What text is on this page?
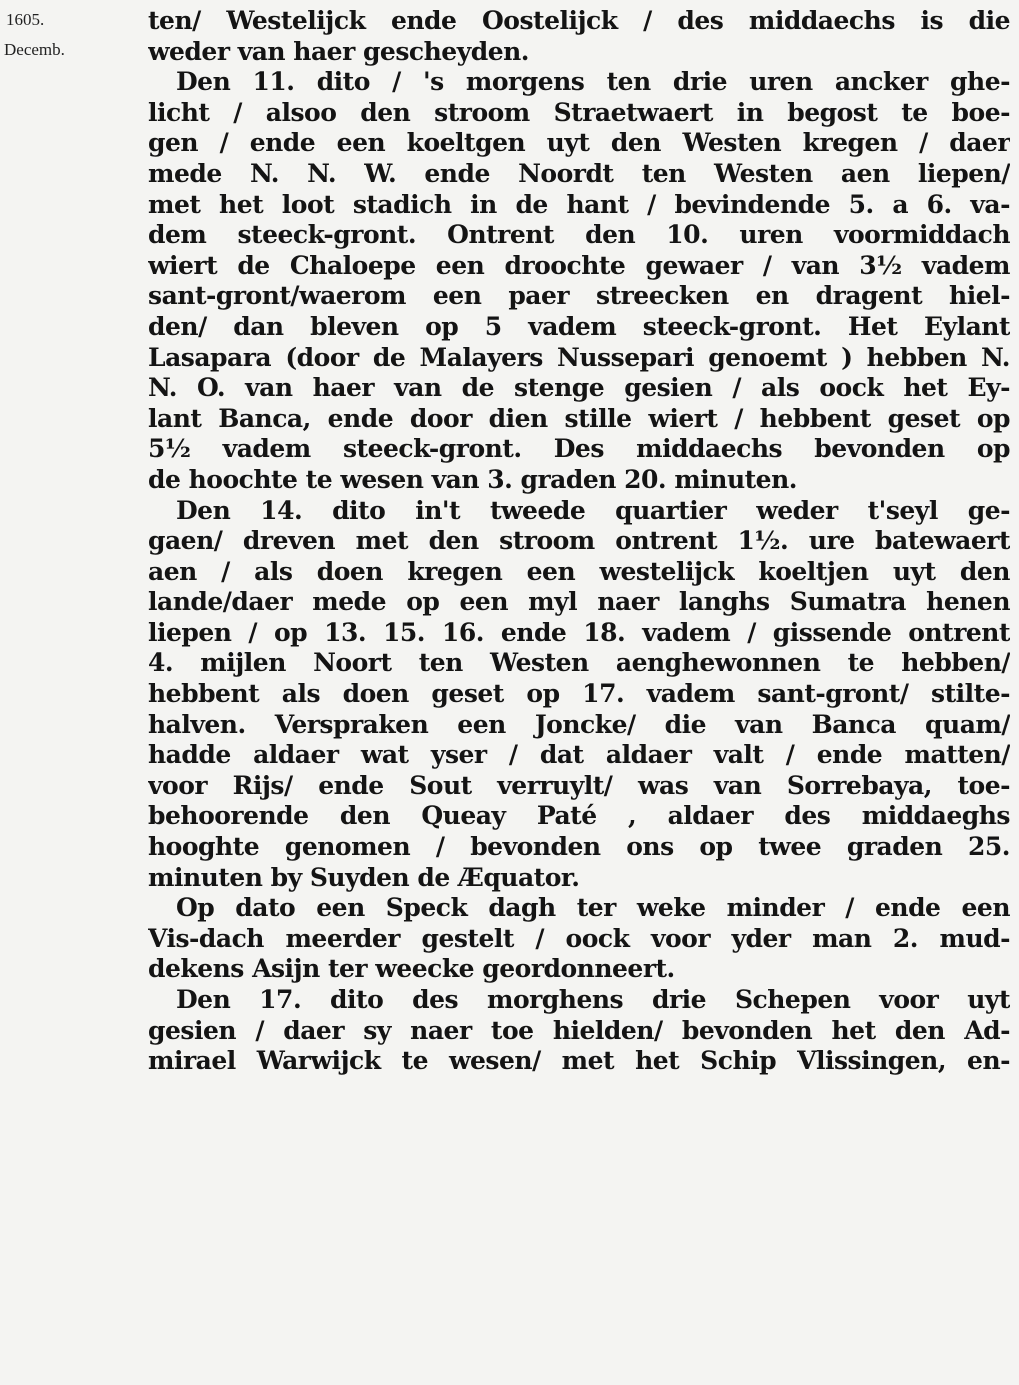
1605.
Decemb.
ten/ Westelijck ende Oostelijck / des middaechs is die
weder van haer gescheyden.
Den 11. dito / 's morgens ten drie uren ancker ghe-
licht / alsoo den stroom Straetwaert in begost te boe-
gen / ende een koeltgen uyt den Westen kregen / daer
mede N. N. W. ende Noordt ten Westen aen liepen/
met het loot stadich in de hant / bevindende 5. a 6. va-
dem steeck-gront. Ontrent den 10. uren voormiddach
wiert de Chaloepe een droochte gewaer / van 3½ vadem
sant-gront/waerom een paer streecken en dragent hiel-
den/ dan bleven op 5 vadem steeck-gront. Het Eylant
Lasapara (door de Malayers Nussepari genoemt ) hebben N.
N. O. van haer van de stenge gesien / als oock het Ey-
lant Banca, ende door dien stille wiert / hebbent geset op
5½ vadem steeck-gront. Des middaechs bevonden op
de hoochte te wesen van 3. graden 20. minuten.
Den 14. dito in't tweede quartier weder t'seyl ge-
gaen/ dreven met den stroom ontrent 1½. ure batewaert
aen / als doen kregen een westelijck koeltjen uyt den
lande/daer mede op een myl naer langhs Sumatra henen
liepen / op 13. 15. 16. ende 18. vadem / gissende ontrent
4. mijlen Noort ten Westen aenghewonnen te hebben/
hebbent als doen geset op 17. vadem sant-gront/ stilte-
halven. Verspraken een Joncke/ die van Banca quam/
hadde aldaer wat yser / dat aldaer valt / ende matten/
voor Rijs/ ende Sout verruylt/ was van Sorrebaya, toe-
behoorende den Queay Paté , aldaer des middaeghs
hooghte genomen / bevonden ons op twee graden 25.
minuten by Suyden de Æquator.
Op dato een Speck dagh ter weke minder / ende een
Vis-dach meerder gestelt / oock voor yder man 2. mud-
dekens Asijn ter weecke geordonneert.
Den 17. dito des morghens drie Schepen voor uyt
gesien / daer sy naer toe hielden/ bevonden het den Ad-
mirael Warwijck te wesen/ met het Schip Vlissingen, en-
